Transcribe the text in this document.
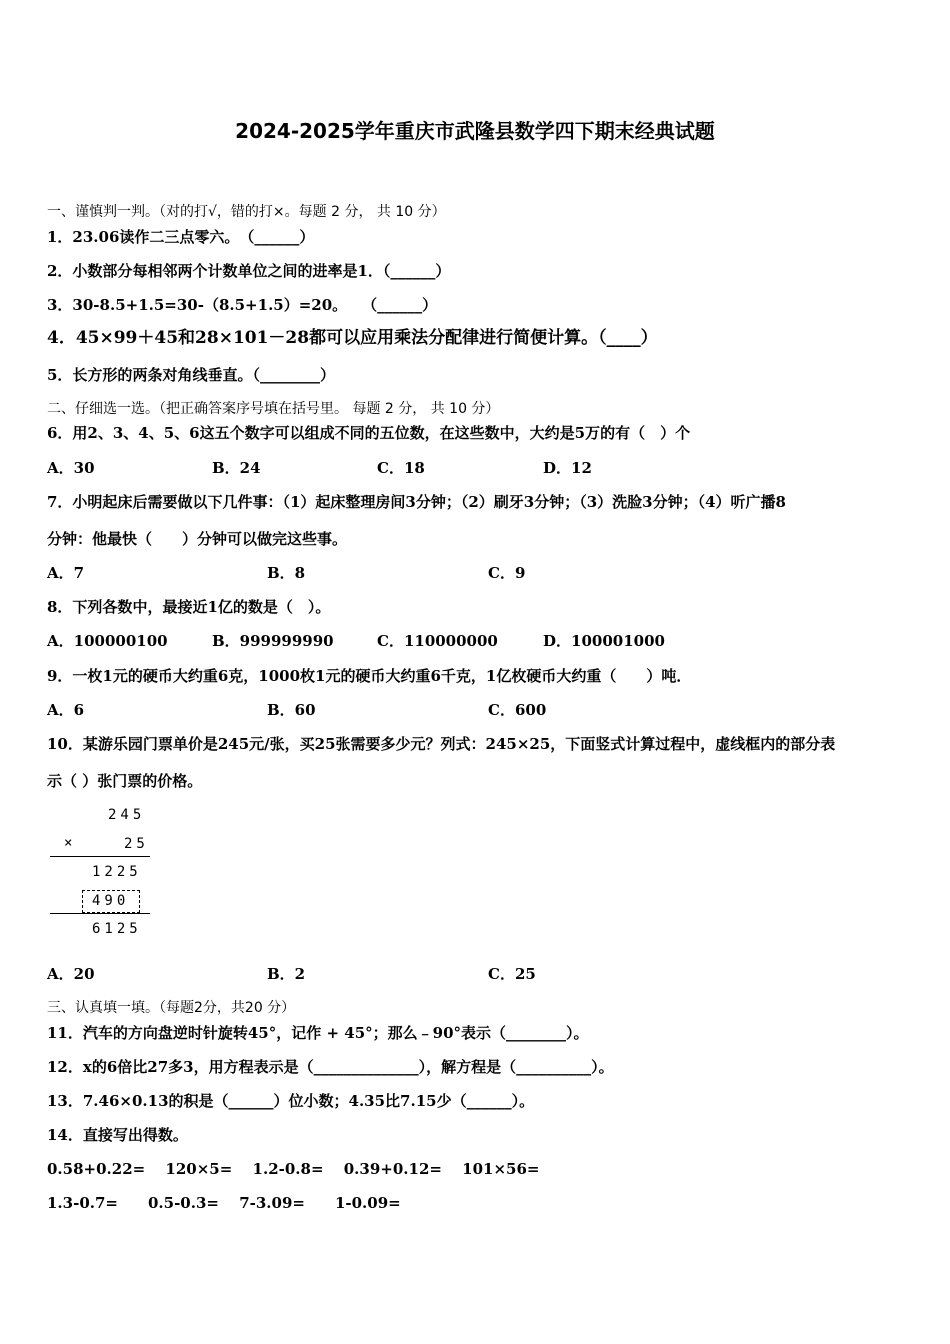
2024-2025学年重庆市武隆县数学四下期末经典试题
一、谨慎判一判。（对的打√，错的打×。每题 2 分， 共 10 分）
1．23.06读作二三点零六。　（______）
2．小数部分每相邻两个计数单位之间的进率是1．（______）
3．30-8.5+1.5=30-（8.5+1.5）=20。　　（______）
4．45×99＋45和28×101－28都可以应用乘法分配律进行简便计算。（____）
5．长方形的两条对角线垂直。（________）
二、仔细选一选。（把正确答案序号填在括号里。 每题 2 分， 共 10 分）
6．用2、3、4、5、6这五个数字可以组成不同的五位数，在这些数中，大约是5万的有（　）个
A．30	B．24	C．18	D．12
7．小明起床后需要做以下几件事：（1）起床整理房间3分钟；（2）刷牙3分钟；（3）洗脸3分钟；（4）听广播8
分钟：他最快（　　）分钟可以做完这些事。
A．7	B．8	C．9
8．下列各数中，最接近1亿的数是（　）。
A．100000100	B．999999990	C．110000000	D．100001000
9．一枚1元的硬币大约重6克，1000枚1元的硬币大约重6千克，1亿枚硬币大约重（　　）吨．
A．6	B．60	C．600
10．某游乐园门票单价是245元/张，买25张需要多少元？列式：245×25，下面竖式计算过程中，虚线框内的部分表
示（ ）张门票的价格。
245
×	25
1225
490
6125
A．20	B．2	C．25
三、认真填一填。（每题2分，共20 分）
11．汽车的方向盘逆时针旋转45°，记作 + 45°；那么﹣90°表示（________）。
12．x的6倍比27多3，用方程表示是（______________），解方程是（__________）。
13．7.46×0.13的积是（______）位小数；4.35比7.15少（______）。
14．直接写出得数。
0.58+0.22=　 120×5=　 1.2-0.8=　 0.39+0.12=　 101×56=
1.3-0.7=　　0.5-0.3=　 7-3.09=　　1-0.09=
